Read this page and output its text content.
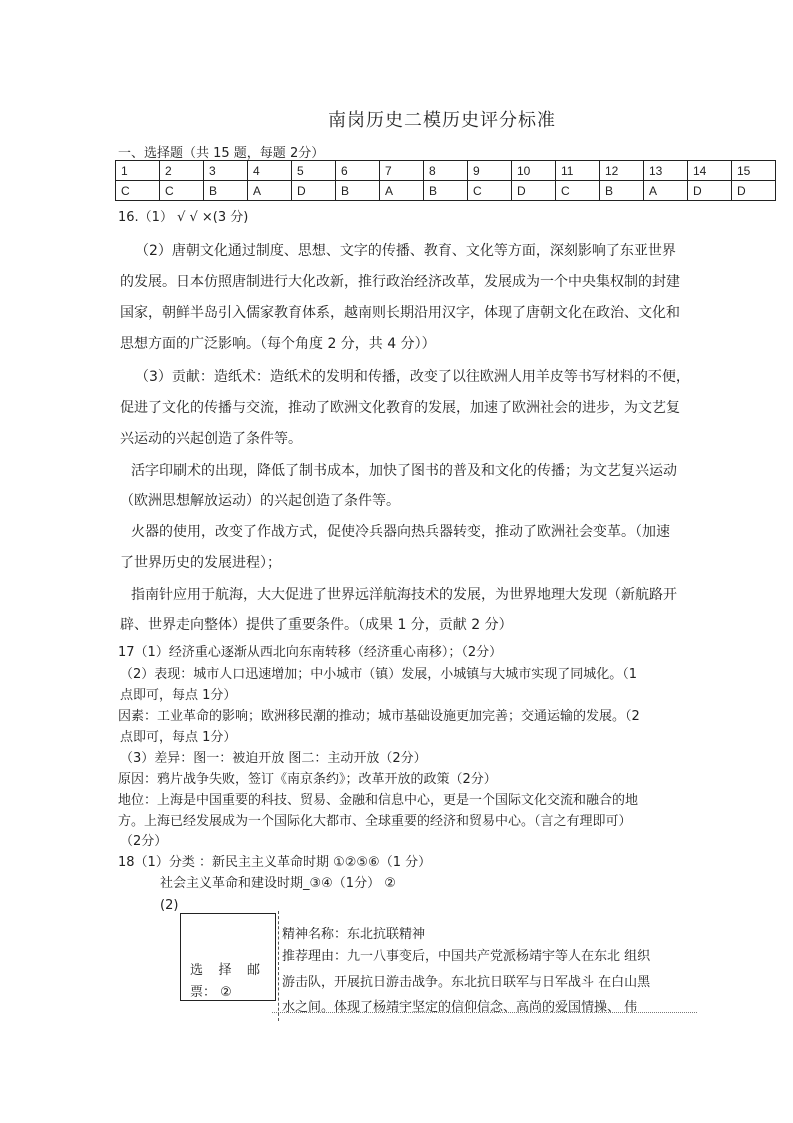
南岗历史二模历史评分标准
一、选择题（共 15 题，每题 2分）
1	2	3	4	5	6	7	8	9	10	11	12	13	14	15
C	C	B	A	D	B	A	B	C	D	C	B	A	D	D
16.（1） √ √ ×(3 分)
（2）唐朝文化通过制度、思想、文字的传播、教育、文化等方面，深刻影响了东亚世界
的发展。日本仿照唐制进行大化改新，推行政治经济改革，发展成为一个中央集权制的封建
国家，朝鲜半岛引入儒家教育体系，越南则长期沿用汉字，体现了唐朝文化在政治、文化和
思想方面的广泛影响。（每个角度 2 分，共 4 分））
（3）贡献：造纸术：造纸术的发明和传播，改变了以往欧洲人用羊皮等书写材料的不便，
促进了文化的传播与交流，推动了欧洲文化教育的发展，加速了欧洲社会的进步，为文艺复
兴运动的兴起创造了条件等。
活字印刷术的出现，降低了制书成本，加快了图书的普及和文化的传播；为文艺复兴运动
（欧洲思想解放运动）的兴起创造了条件等。
火器的使用，改变了作战方式，促使冷兵器向热兵器转变，推动了欧洲社会变革。（加速
了世界历史的发展进程）；
指南针应用于航海，大大促进了世界远洋航海技术的发展，为世界地理大发现（新航路开
辟、世界走向整体）提供了重要条件。（成果 1 分，贡献 2 分）
17（1）经济重心逐渐从西北向东南转移（经济重心南移）；（2分）
（2）表现：城市人口迅速增加；中小城市（镇）发展，小城镇与大城市实现了同城化。（1
点即可，每点 1分）
因素：工业革命的影响；欧洲移民潮的推动；城市基础设施更加完善；交通运输的发展。（2
点即可，每点 1分）
（3）差异：图一：被迫开放 图二：主动开放（2分）
原因：鸦片战争失败，签订《南京条约》；改革开放的政策（2分）
地位：上海是中国重要的科技、贸易、金融和信息中心，更是一个国际文化交流和融合的地
方。上海已经发展成为一个国际化大都市、全球重要的经济和贸易中心。（言之有理即可）
（2分）
18（1）分类 ：新民主主义革命时期 ①②⑤⑥（1 分）
社会主义革命和建设时期_③④（1分） ②
(2)
选 择 邮
票： ②
精神名称：东北抗联精神
推荐理由：九一八事变后，中国共产党派杨靖宇等人在东北 组织
游击队，开展抗日游击战争。东北抗日联军与日军战斗 在白山黑
水之间。体现了杨靖宇坚定的信仰信念、高尚的爱国情操、 伟
